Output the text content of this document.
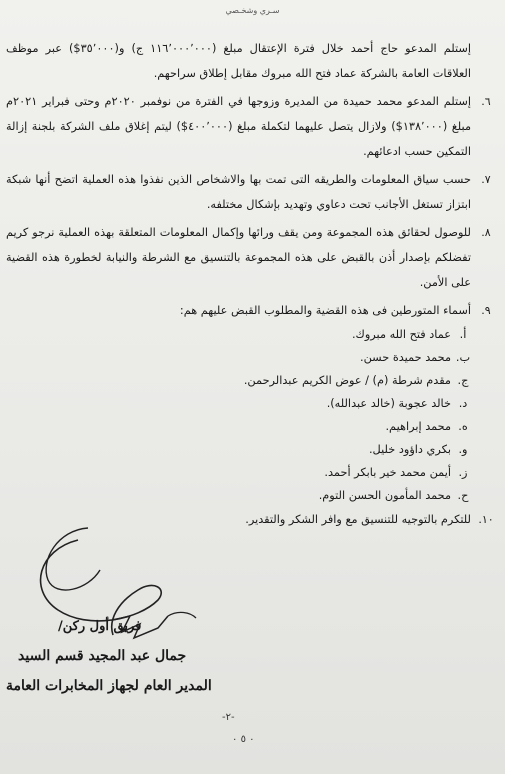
سـري وشخـصي
إستلم المدعو حاج أحمد خلال فترة الإعتقال مبلغ (١١٦٬٠٠٠٬٠٠٠ ج) و(٣٥٬٠٠٠$) عبر موظف العلاقات العامة بالشركة عماد فتح الله مبروك مقابل إطلاق سراحهم.
٦.
إستلم المدعو محمد حميدة من المديرة وزوجها في الفترة من نوفمبر ٢٠٢٠م وحتى فبراير ٢٠٢١م مبلغ (١٣٨٬٠٠٠$) ولازال يتصل عليهما لتكملة مبلغ (٤٠٠٬٠٠٠$) ليتم إغلاق ملف الشركة بلجنة إزالة التمكين حسب ادعائهم.
٧.
حسب سياق المعلومات والطريقه التى تمت بها والاشخاص الذين نفذوا هذه العملية اتضح أنها شبكة ابتزاز تستغل الأجانب تحت دعاوي وتهديد بإشكال مختلفه.
٨.
للوصول لحقائق هذه المجموعة ومن يقف ورائها وإكمال المعلومات المتعلقة بهذه العملية نرجو كريم تفضلكم بإصدار أذن بالقبض على هذه المجموعة بالتنسيق مع الشرطة والنيابة لخطورة هذه القضية على الأمن.
٩.
أسماء المتورطين فى هذه القضية والمطلوب القبض عليهم هم:
أ.
عماد فتح الله مبروك.
ب.
محمد حميدة حسن.
ج.
مقدم شرطة (م) / عوض الكريم عبدالرحمن.
د.
خالد عجوبة (خالد عبدالله).
ه.
محمد إبراهيم.
و.
بكري داؤود خليل.
ز.
أيمن محمد خير بابكر أحمد.
ح.
محمد المأمون الحسن التوم.
١٠.
للتكرم بالتوجيه للتنسيق مع وافر الشكر والتقدير.
فريق أول ركن/
جمال عبد المجيد قسم السيد
المدير العام لجهاز المخابرات العامة
-٢-
٠ ٥ ٠
